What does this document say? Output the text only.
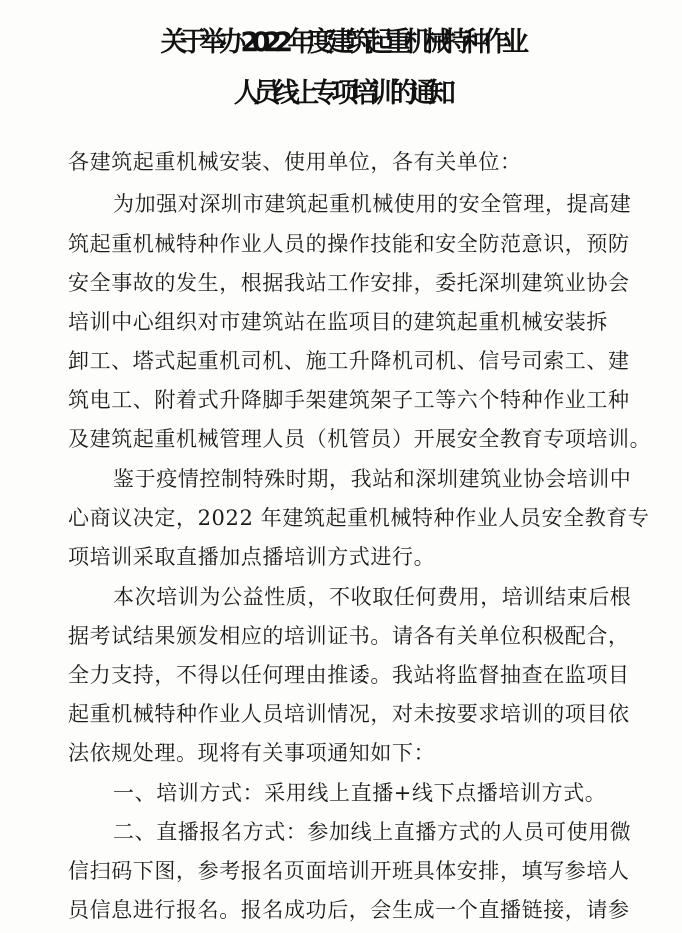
关于举办 2022 年度建筑起重机械特种作业
人员线上专项培训的通知
各建筑起重机械安装、使用单位，各有关单位：
为加强对深圳市建筑起重机械使用的安全管理，提高建
筑起重机械特种作业人员的操作技能和安全防范意识，预防
安全事故的发生，根据我站工作安排，委托深圳建筑业协会
培训中心组织对市建筑站在监项目的建筑起重机械安装拆
卸工、塔式起重机司机、施工升降机司机、信号司索工、建
筑电工、附着式升降脚手架建筑架子工等六个特种作业工种
及建筑起重机械管理人员（机管员）开展安全教育专项培训。
鉴于疫情控制特殊时期，我站和深圳建筑业协会培训中
心商议决定，2022 年建筑起重机械特种作业人员安全教育专
项培训采取直播加点播培训方式进行。
本次培训为公益性质，不收取任何费用，培训结束后根
据考试结果颁发相应的培训证书。请各有关单位积极配合，
全力支持，不得以任何理由推诿。我站将监督抽查在监项目
起重机械特种作业人员培训情况，对未按要求培训的项目依
法依规处理。现将有关事项通知如下：
一、培训方式：采用线上直播+线下点播培训方式。
二、直播报名方式：参加线上直播方式的人员可使用微
信扫码下图，参考报名页面培训开班具体安排，填写参培人
员信息进行报名。报名成功后，会生成一个直播链接，请参
